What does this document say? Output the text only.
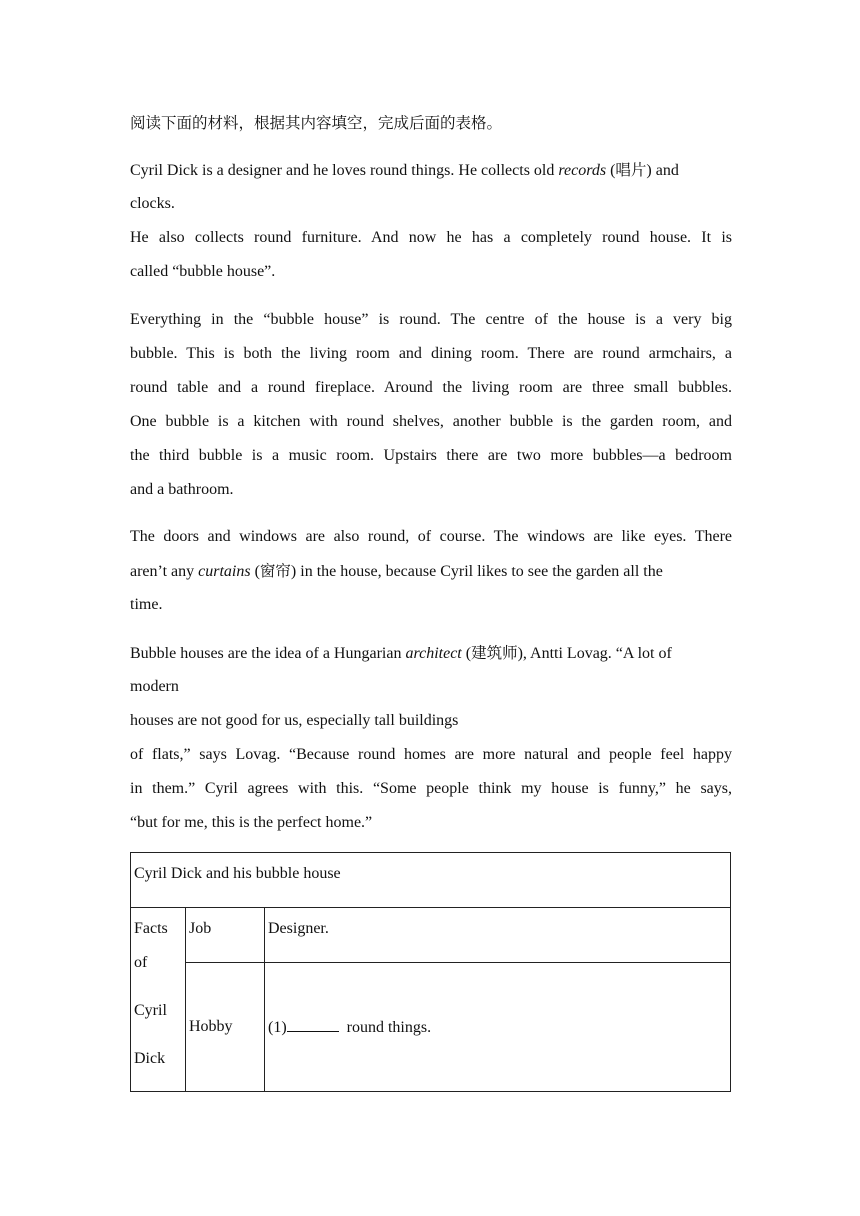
阅读下面的材料，根据其内容填空，完成后面的表格。
Cyril Dick is a designer and he loves round things. He collects old records (唱片) and
clocks.
He also collects round furniture. And now he has a completely round house. It is
called “bubble house”.
Everything in the “bubble house” is round. The centre of the house is a very big
bubble. This is both the living room and dining room. There are round armchairs, a
round table and a round fireplace. Around the living room are three small bubbles.
One bubble is a kitchen with round shelves, another bubble is the garden room, and
the third bubble is a music room. Upstairs there are two more bubbles—a bedroom
and a bathroom.
The doors and windows are also round, of course. The windows are like eyes. There
aren’t any curtains (窗帘) in the house, because Cyril likes to see the garden all the
time.
Bubble houses are the idea of a Hungarian architect (建筑师), Antti Lovag. “A lot of
modern
houses are not good for us, especially tall buildings
of flats,” says Lovag. “Because round homes are more natural and people feel happy
in them.” Cyril agrees with this. “Some people think my house is funny,” he says,
“but for me, this is the perfect home.”
Cyril Dick and his bubble house		

Facts
of
Cyril
Dick	Job	Designer.

	Hobby	(1) round things.
